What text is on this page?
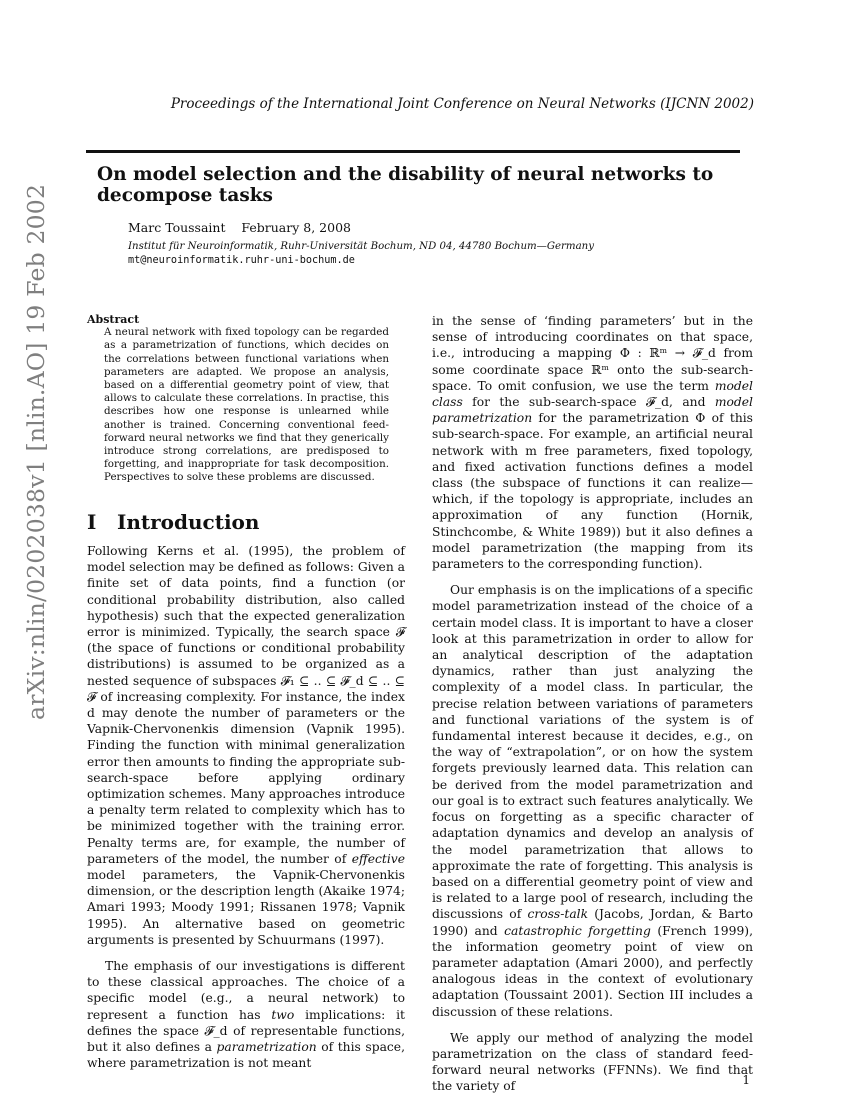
Proceedings of the International Joint Conference on Neural Networks (IJCNN 2002)
On model selection and the disability of neural networks to decompose tasks
Marc Toussaint    February 8, 2008
Institut für Neuroinformatik, Ruhr-Universität Bochum, ND 04, 44780 Bochum—Germany
mt@neuroinformatik.ruhr-uni-bochum.de
arXiv:nlin/0202038v1 [nlin.AO] 19 Feb 2002	Abstract
A neural network with fixed topology can be regarded as a parametrization of functions, which decides on the correlations between functional variations when parameters are adapted. We propose an analysis, based on a differential geometry point of view, that allows to calculate these correlations. In practise, this describes how one response is unlearned while another is trained. Concerning conventional feed-forward neural networks we find that they generically introduce strong correlations, are predisposed to forgetting, and inappropriate for task decomposition. Perspectives to solve these problems are discussed.
I Introduction

Following Kerns et al. (1995), the problem of model selection may be defined as follows: Given a finite set of data points, find a function (or conditional probability distribution, also called hypothesis) such that the expected generalization error is minimized. Typically, the search space 𝓕 (the space of functions or conditional probability distributions) is assumed to be organized as a nested sequence of subspaces 𝓕₁ ⊆ .. ⊆ 𝓕_d ⊆ .. ⊆ 𝓕 of increasing complexity. For instance, the index d may denote the number of parameters or the Vapnik-Chervonenkis dimension (Vapnik 1995). Finding the function with minimal generalization error then amounts to finding the appropriate sub-search-space before applying ordinary optimization schemes. Many approaches introduce a penalty term related to complexity which has to be minimized together with the training error. Penalty terms are, for example, the number of parameters of the model, the number of effective model parameters, the Vapnik-Chervonenkis dimension, or the description length (Akaike 1974; Amari 1993; Moody 1991; Rissanen 1978; Vapnik 1995). An alternative based on geometric arguments is presented by Schuurmans (1997).

The emphasis of our investigations is different to these classical approaches. The choice of a specific model (e.g., a neural network) to represent a function has two implications: it defines the space 𝓕_d of representable functions, but it also defines a parametrization of this space, where parametrization is not meant

in the sense of ‘finding parameters’ but in the sense of introducing coordinates on that space, i.e., introducing a mapping Φ : ℝᵐ → 𝓕_d from some coordinate space ℝᵐ onto the sub-search-space. To omit confusion, we use the term model class for the sub-search-space 𝓕_d, and model parametrization for the parametrization Φ of this sub-search-space. For example, an artificial neural network with m free parameters, fixed topology, and fixed activation functions defines a model class (the subspace of functions it can realize—which, if the topology is appropriate, includes an approximation of any function (Hornik, Stinchcombe, & White 1989)) but it also defines a model parametrization (the mapping from its parameters to the corresponding function).

Our emphasis is on the implications of a specific model parametrization instead of the choice of a certain model class. It is important to have a closer look at this parametrization in order to allow for an analytical description of the adaptation dynamics, rather than just analyzing the complexity of a model class. In particular, the precise relation between variations of parameters and functional variations of the system is of fundamental interest because it decides, e.g., on the way of “extrapolation”, or on how the system forgets previously learned data. This relation can be derived from the model parametrization and our goal is to extract such features analytically. We focus on forgetting as a specific character of adaptation dynamics and develop an analysis of the model parametrization that allows to approximate the rate of forgetting. This analysis is based on a differential geometry point of view and is related to a large pool of research, including the discussions of cross-talk (Jacobs, Jordan, & Barto 1990) and catastrophic forgetting (French 1999), the information geometry point of view on parameter adaptation (Amari 2000), and perfectly analogous ideas in the context of evolutionary adaptation (Toussaint 2001). Section III includes a discussion of these relations.

We apply our method of analyzing the model parametrization on the class of standard feed-forward neural networks (FFNNs). We find that the variety of	1
